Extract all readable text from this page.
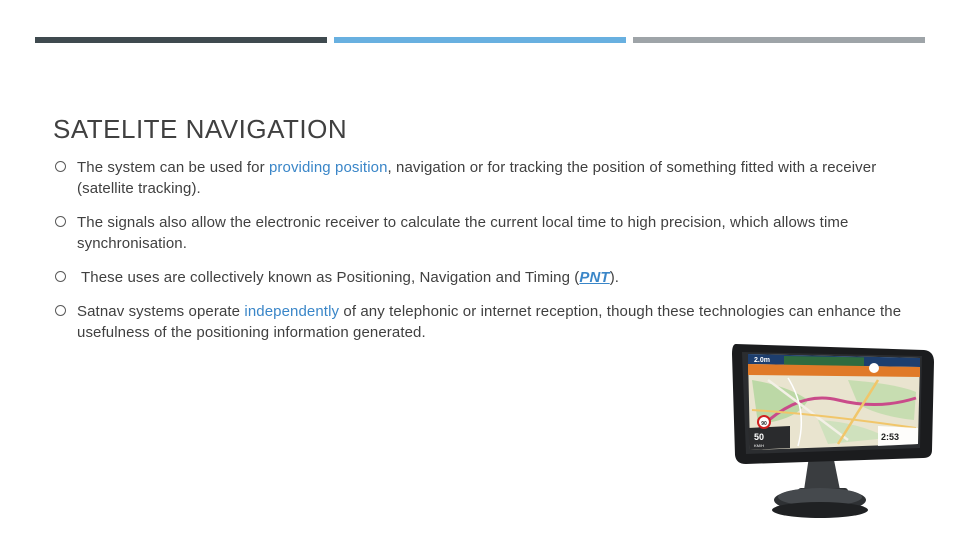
SATELITE NAVIGATION
The system can be used for providing position, navigation or for tracking the position of something fitted with a receiver (satellite tracking).
The signals also allow the electronic receiver to calculate the current local time to high precision, which allows time synchronisation.
These uses are collectively known as Positioning, Navigation and Timing (PNT).
Satnav systems operate independently of any telephonic or internet reception, though these technologies can enhance the usefulness of the positioning information generated.
2.0m
90
50
KM/H
2:53
